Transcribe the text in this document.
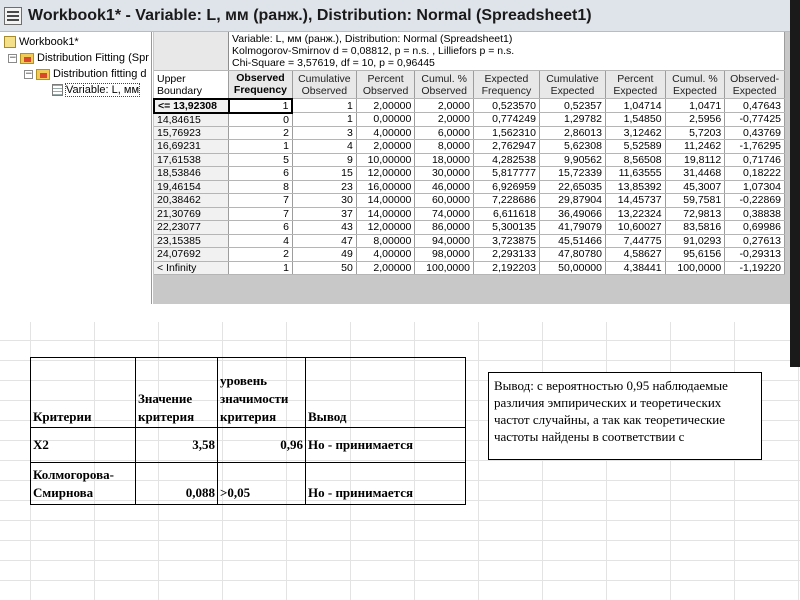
Workbook1* - Variable: L, мм (ранж.), Distribution: Normal (Spreadsheet1)
Workbook1*
− Distribution Fitting (Spr
− Distribution fitting d
Variable: L, мм

	Variable: L, мм (ранж.), Distribution: Normal (Spreadsheet1)
Kolmogorov-Smirnov d = 0,08812, p = n.s. , Lilliefors p = n.s.
Chi-Square = 3,57619, df = 10, p = 0,96445								

Upper Boundary	Observed Frequency	Cumulative Observed	Percent Observed	Cumul. % Observed	Expected Frequency	Cumulative Expected	Percent Expected	Cumul. % Expected	Observed- Expected
<= 13,92308	1	1	2,00000	2,0000	0,523570	0,52357	1,04714	1,0471	0,47643
14,84615	0	1	0,00000	2,0000	0,774249	1,29782	1,54850	2,5956	-0,77425
15,76923	2	3	4,00000	6,0000	1,562310	2,86013	3,12462	5,7203	0,43769
16,69231	1	4	2,00000	8,0000	2,762947	5,62308	5,52589	11,2462	-1,76295
17,61538	5	9	10,00000	18,0000	4,282538	9,90562	8,56508	19,8112	0,71746
18,53846	6	15	12,00000	30,0000	5,817777	15,72339	11,63555	31,4468	0,18222
19,46154	8	23	16,00000	46,0000	6,926959	22,65035	13,85392	45,3007	1,07304
20,38462	7	30	14,00000	60,0000	7,228686	29,87904	14,45737	59,7581	-0,22869
21,30769	7	37	14,00000	74,0000	6,611618	36,49066	13,22324	72,9813	0,38838
22,23077	6	43	12,00000	86,0000	5,300135	41,79079	10,60027	83,5816	0,69986
23,15385	4	47	8,00000	94,0000	3,723875	45,51466	7,44775	91,0293	0,27613
24,07692	2	49	4,00000	98,0000	2,293133	47,80780	4,58627	95,6156	-0,29313
< Infinity	1	50	2,00000	100,0000	2,192203	50,00000	4,38441	100,0000	-1,19220

Критерии	Значение критерия	уровень значимости критерия	Вывод
X2	3,58	0,96	Но - принимается
Колмогорова-Смирнова	0,088	>0,05	Но - принимается
Вывод: с вероятностью 0,95 наблюдаемые различия эмпирических и теоретических частот случайны, а так как теоретические частоты найдены в соответствии с
